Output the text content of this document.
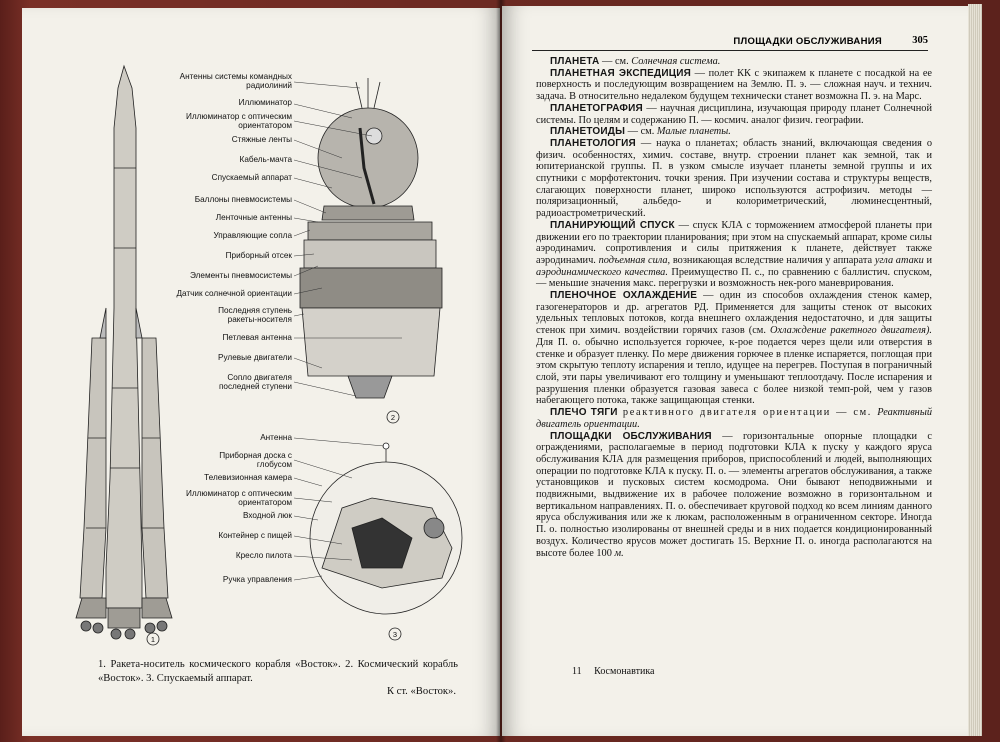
Антенны системы командных радиолиний
Иллюминатор
Иллюминатор с оптическим ориентатором
Стяжные ленты
Кабель-мачта
Спускаемый аппарат
Баллоны пневмосистемы
Ленточные антенны
Управляющие сопла
Приборный отсек
Элементы пневмосистемы
Датчик солнечной ориентации
Последняя ступень ракеты-носителя
Петлевая антенна
Рулевые двигатели
Сопло двигателя последней ступени
Антенна
Приборная доска с глобусом
Телевизионная камера
Иллюминатор с оптическим ориентатором
Входной люк
Контейнер с пищей
Кресло пилота
Ручка управления
1
2
3
1. Ракета-носитель космического корабля «Восток». 2. Космический корабль «Восток». 3. Спускаемый аппарат.
К ст. «Восток».
ПЛОЩАДКИ ОБСЛУЖИВАНИЯ	305

ПЛАНЕТА — см. Солнечная система.

ПЛАНЕТНАЯ ЭКСПЕДИЦИЯ — полет КК с экипажем к планете с посадкой на ее поверхность и последующим возвращением на Землю. П. э. — сложная науч. и технич. задача. В относительно недалеком будущем технически станет возможна П. э. на Марс.

ПЛАНЕТОГРАФИЯ — научная дисциплина, изучающая природу планет Солнечной системы. По целям и содержанию П. — космич. аналог физич. географии.

ПЛАНЕТОИДЫ — см. Малые планеты.

ПЛАНЕТОЛОГИЯ — наука о планетах; область знаний, включающая сведения о физич. особенностях, химич. составе, внутр. строении планет как земной, так и юпитерианской группы. П. в узком смысле изучает планеты земной группы и их спутники с морфотектонич. точки зрения. При изучении состава и структуры веществ, слагающих поверхности планет, широко используются астрофизич. методы — поляризационный, альбедо- и колориметрический, люминесцентный, радиоастрометрический.

ПЛАНИРУЮЩИЙ СПУСК — спуск КЛА с торможением атмосферой планеты при движении его по траектории планирования; при этом на спускаемый аппарат, кроме силы аэродинамич. сопротивления и силы притяжения к планете, действует также аэродинамич. подъемная сила, возникающая вследствие наличия у аппарата угла атаки и аэродинамического качества. Преимущество П. с., по сравнению с баллистич. спуском, — меньшие значения макс. перегрузки и возможность нек-рого маневрирования.

ПЛЕНОЧНОЕ ОХЛАЖДЕНИЕ — один из способов охлаждения стенок камер, газогенераторов и др. агрегатов РД. Применяется для защиты стенок от высоких удельных тепловых потоков, когда внешнего охлаждения недостаточно, и для защиты стенок при химич. воздействии горячих газов (см. Охлаждение ракетного двигателя). Для П. о. обычно используется горючее, к-рое подается через щели или отверстия в стенке и образует пленку. По мере движения горючее в пленке испаряется, поглощая при этом скрытую теплоту испарения и тепло, идущее на перегрев. Поступая в пограничный слой, эти пары увеличивают его толщину и уменьшают теплоотдачу. После испарения и разрушения пленки образуется газовая завеса с более низкой темп-рой, чем у газов набегающего потока, также защищающая стенки.

ПЛЕЧО ТЯГИ реактивного двигателя ориентации — см. Реактивный двигатель ориентации.

ПЛОЩАДКИ ОБСЛУЖИВАНИЯ — горизонтальные опорные площадки с ограждениями, располагаемые в период подготовки КЛА к пуску у каждого яруса обслуживания КЛА для размещения приборов, приспособлений и людей, выполняющих операции по подготовке КЛА к пуску. П. о. — элементы агрегатов обслуживания, а также установщиков и пусковых систем космодрома. Они бывают неподвижными и подвижными, выдвижение их в рабочее положение возможно в горизонтальном и вертикальном направлениях. П. о. обеспечивает круговой подход ко всем линиям данного яруса обслуживания или же к люкам, расположенным в ограниченном секторе. Иногда П. о. полностью изолированы от внешней среды и в них подается кондиционированный воздух. Количество ярусов может достигать 15. Верхние П. о. иногда располагаются на высоте более 100 м.

11 Космонавтика
